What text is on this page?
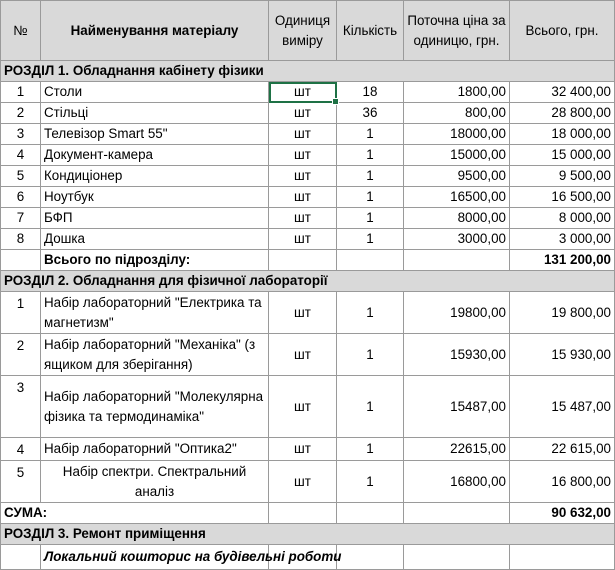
№	Найменування матеріалу	Одиниця виміру	Кількість	Поточна ціна за одиницю, грн.	Всього, грн.
РОЗДІЛ 1. Обладнання кабінету фізики					
1	Столи	шт	18	1800,00	32 400,00
2	Стільці	шт	36	800,00	28 800,00
3	Телевізор Smart 55"	шт	1	18000,00	18 000,00
4	Документ-камера	шт	1	15000,00	15 000,00
5	Кондиціонер	шт	1	9500,00	9 500,00
6	Ноутбук	шт	1	16500,00	16 500,00
7	БФП	шт	1	8000,00	8 000,00
8	Дошка	шт	1	3000,00	3 000,00
	Всього по підрозділу:				131 200,00
РОЗДІЛ 2. Обладнання для фізичної лабораторії					
1	Набір лабораторний "Електрика та магнетизм"	шт	1	19800,00	19 800,00
2	Набір лабораторний "Механіка" (з ящиком для зберігання)	шт	1	15930,00	15 930,00
3	Набір лабораторний "Молекулярна фізика та термодинаміка"	шт	1	15487,00	15 487,00
4	Набір лабораторний "Оптика2"	шт	1	22615,00	22 615,00
5	Набір спектри. Спектральний аналіз	шт	1	16800,00	16 800,00
СУМА:					90 632,00
РОЗДІЛ 3. Ремонт приміщення					
	Локальний кошторис на будівельні роботи				
